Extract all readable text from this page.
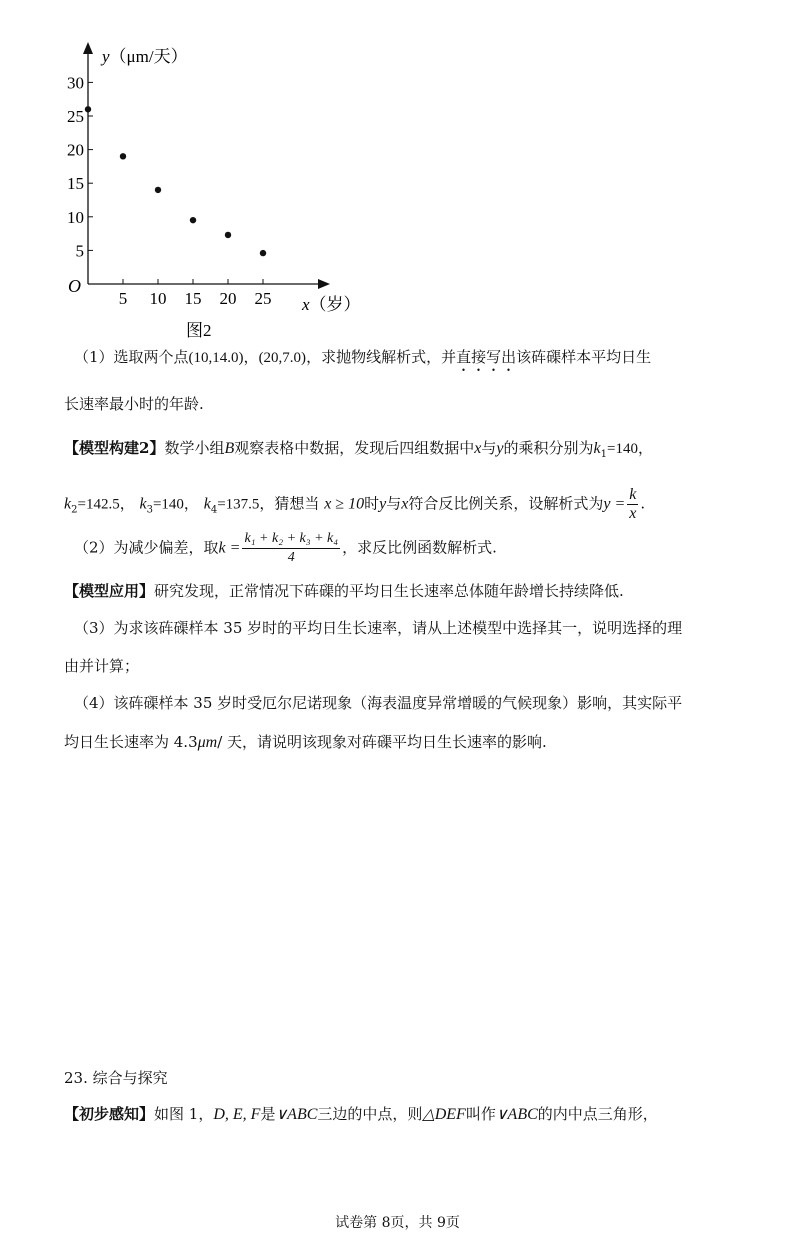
5 10 15 20 25
5
10
15
20
25
30
O
y（μm/天）
x（岁）
图2
（1）选取两个点(10,14.0)，(20,7.0)，求抛物线解析式，并直接写出该砗磲样本平均日生
长速率最小时的年龄.
【模型构建2】数学小组B观察表格中数据，发现后四组数据中x与y的乘积分别为$k_1=140$，
$k_2=142.5$， $k_3=140$， $k_4=137.5$，猜想当 x ≥ 10时y与x符合反比例关系，设解析式为$y = \frac{k}{x}$ .
（2）为减少偏差，取$k = \frac{\text{k₁ + k₂ + k₃ + k₄}}{4}$ ，求反比例函数解析式.
【模型应用】研究发现，正常情况下砗磲的平均日生长速率总体随年龄增长持续降低.
（3）为求该砗磲样本 35 岁时的平均日生长速率，请从上述模型中选择其一，说明选择的理
由并计算；
（4）该砗磲样本 35 岁时受厄尔尼诺现象（海表温度异常增暖的气候现象）影响，其实际平
均日生长速率为 4.3μm/ 天，请说明该现象对砗磲平均日生长速率的影响.
23. 综合与探究
【初步感知】如图 1，D, E, F是∨ABC三边的中点，则△DEF叫作∨ABC的内中点三角形，
试卷第 8页，共 9页
